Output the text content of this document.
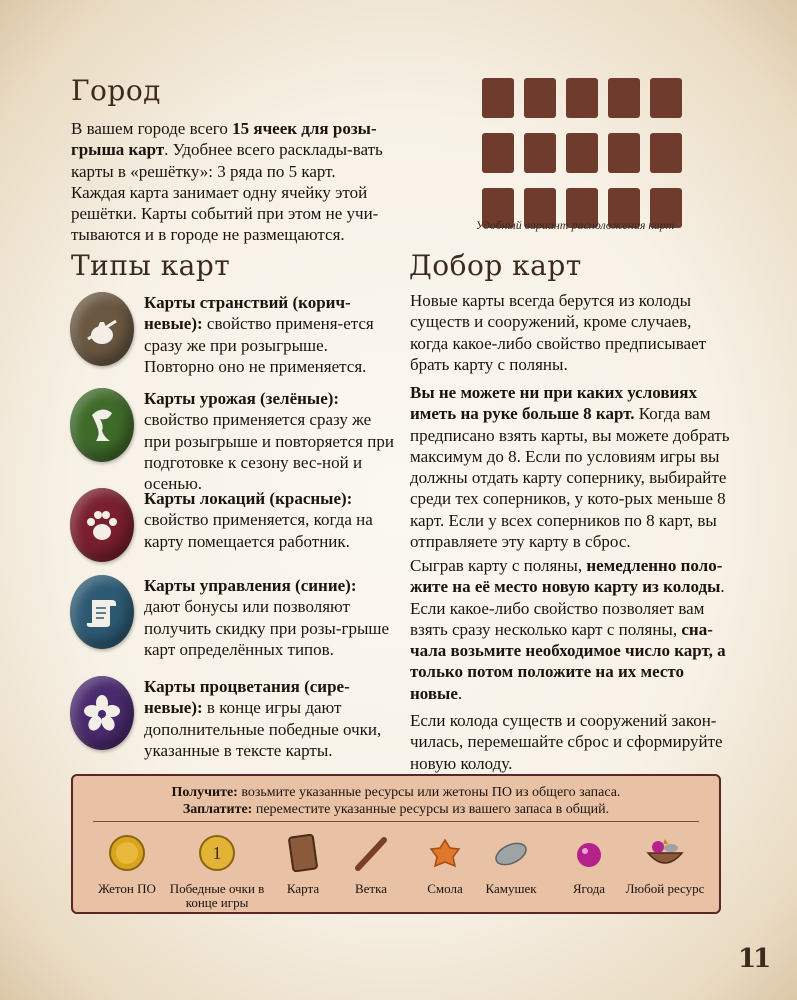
Город

В вашем городе всего 15 ячеек для розы-грыша карт. Удобнее всего расклады-вать карты в «решётку»: 3 ряда по 5 карт. Каждая карта занимает одну ячейку этой решётки. Карты событий при этом не учи-тываются и в городе не размещаются.

Удобный вариант расположения карт
Типы карт

Карты странствий (корич-невые): свойство применя-ется сразу же при розыгрыше. Повторно оно не применяется.

Карты урожая (зелёные): свойство применяется сразу же при розыгрыше и повторяется при подготовке к сезону вес-ной и осенью.

Карты локаций (красные): свойство применяется, когда на карту помещается работник.

Карты управления (синие): дают бонусы или позволяют получить скидку при розы-грыше карт определённых типов.

Карты процветания (сире-невые): в конце игры дают дополнительные победные очки, указанные в тексте карты.

Добор карт

Новые карты всегда берутся из колоды существ и сооружений, кроме случаев, когда какое-либо свойство предписывает брать карту с поляны.

Вы не можете ни при каких условиях иметь на руке больше 8 карт. Когда вам предписано взять карты, вы можете добрать максимум до 8. Если по условиям игры вы должны отдать карту сопернику, выбирайте среди тех соперников, у кото-рых меньше 8 карт. Если у всех соперников по 8 карт, вы отправляете эту карту в сброс.

Сыграв карту с поляны, немедленно поло-жите на её место новую карту из колоды. Если какое-либо свойство позволяет вам взять сразу несколько карт с поляны, сна-чала возьмите необходимое число карт, а только потом положите на их место новые.

Если колода существ и сооружений закон-чилась, перемешайте сброс и сформируйте новую колоду.

Получите: возьмите указанные ресурсы или жетоны ПО из общего запаса.
Заплатите: переместите указанные ресурсы из вашего запаса в общий.
Жетон ПО
1
Победные очки в конце игры
Карта	Ветка	Смола	Камушек	Ягода	Любой ресурс
11
